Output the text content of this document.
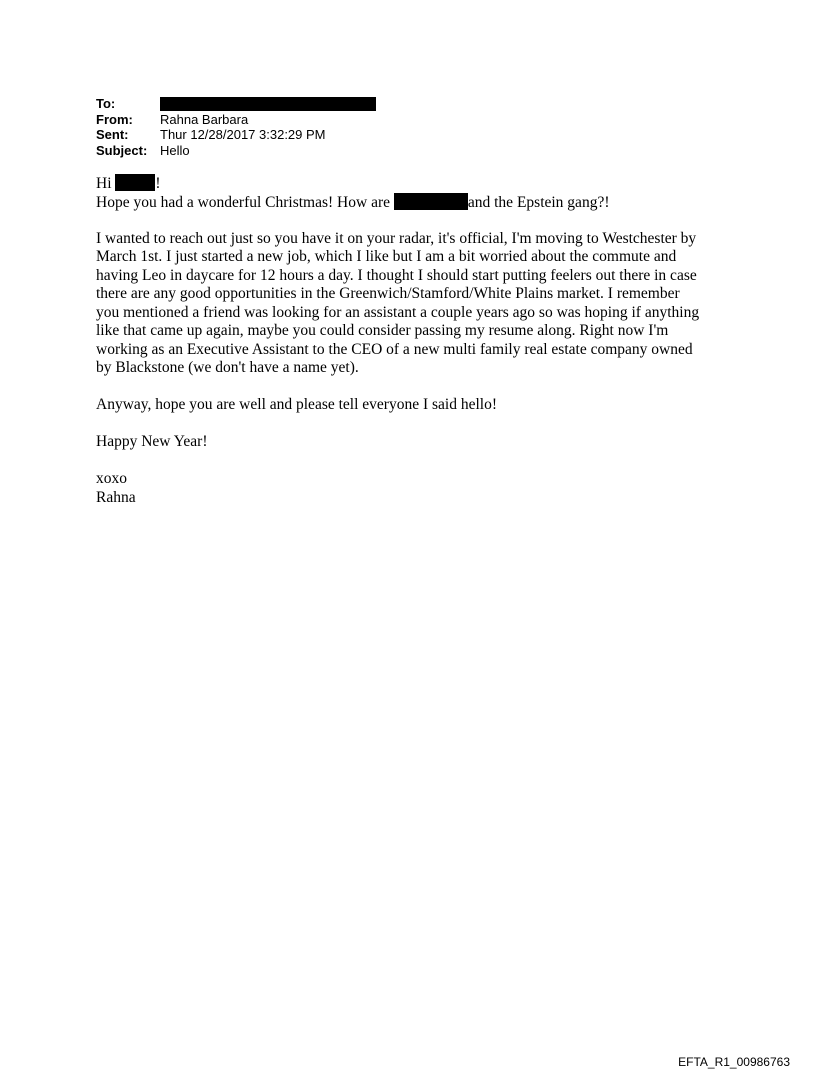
To:
From:	Rahna Barbara
Sent:	Thur 12/28/2017 3:32:29 PM
Subject: Hello
Hi	!
Hope you had a wonderful Christmas! How are	and the Epstein gang?!
I wanted to reach out just so you have it on your radar, it's official, I'm moving to Westchester by
March 1st. I just started a new job, which I like but I am a bit worried about the commute and
having Leo in daycare for 12 hours a day. I thought I should start putting feelers out there in case
there are any good opportunities in the Greenwich/Stamford/White Plains market. I remember
you mentioned a friend was looking for an assistant a couple years ago so was hoping if anything
like that came up again, maybe you could consider passing my resume along. Right now I'm
working as an Executive Assistant to the CEO of a new multi family real estate company owned
by Blackstone (we don't have a name yet).
Anyway, hope you are well and please tell everyone I said hello!
Happy New Year!
xoxo
Rahna
EFTA_R1_00986763
